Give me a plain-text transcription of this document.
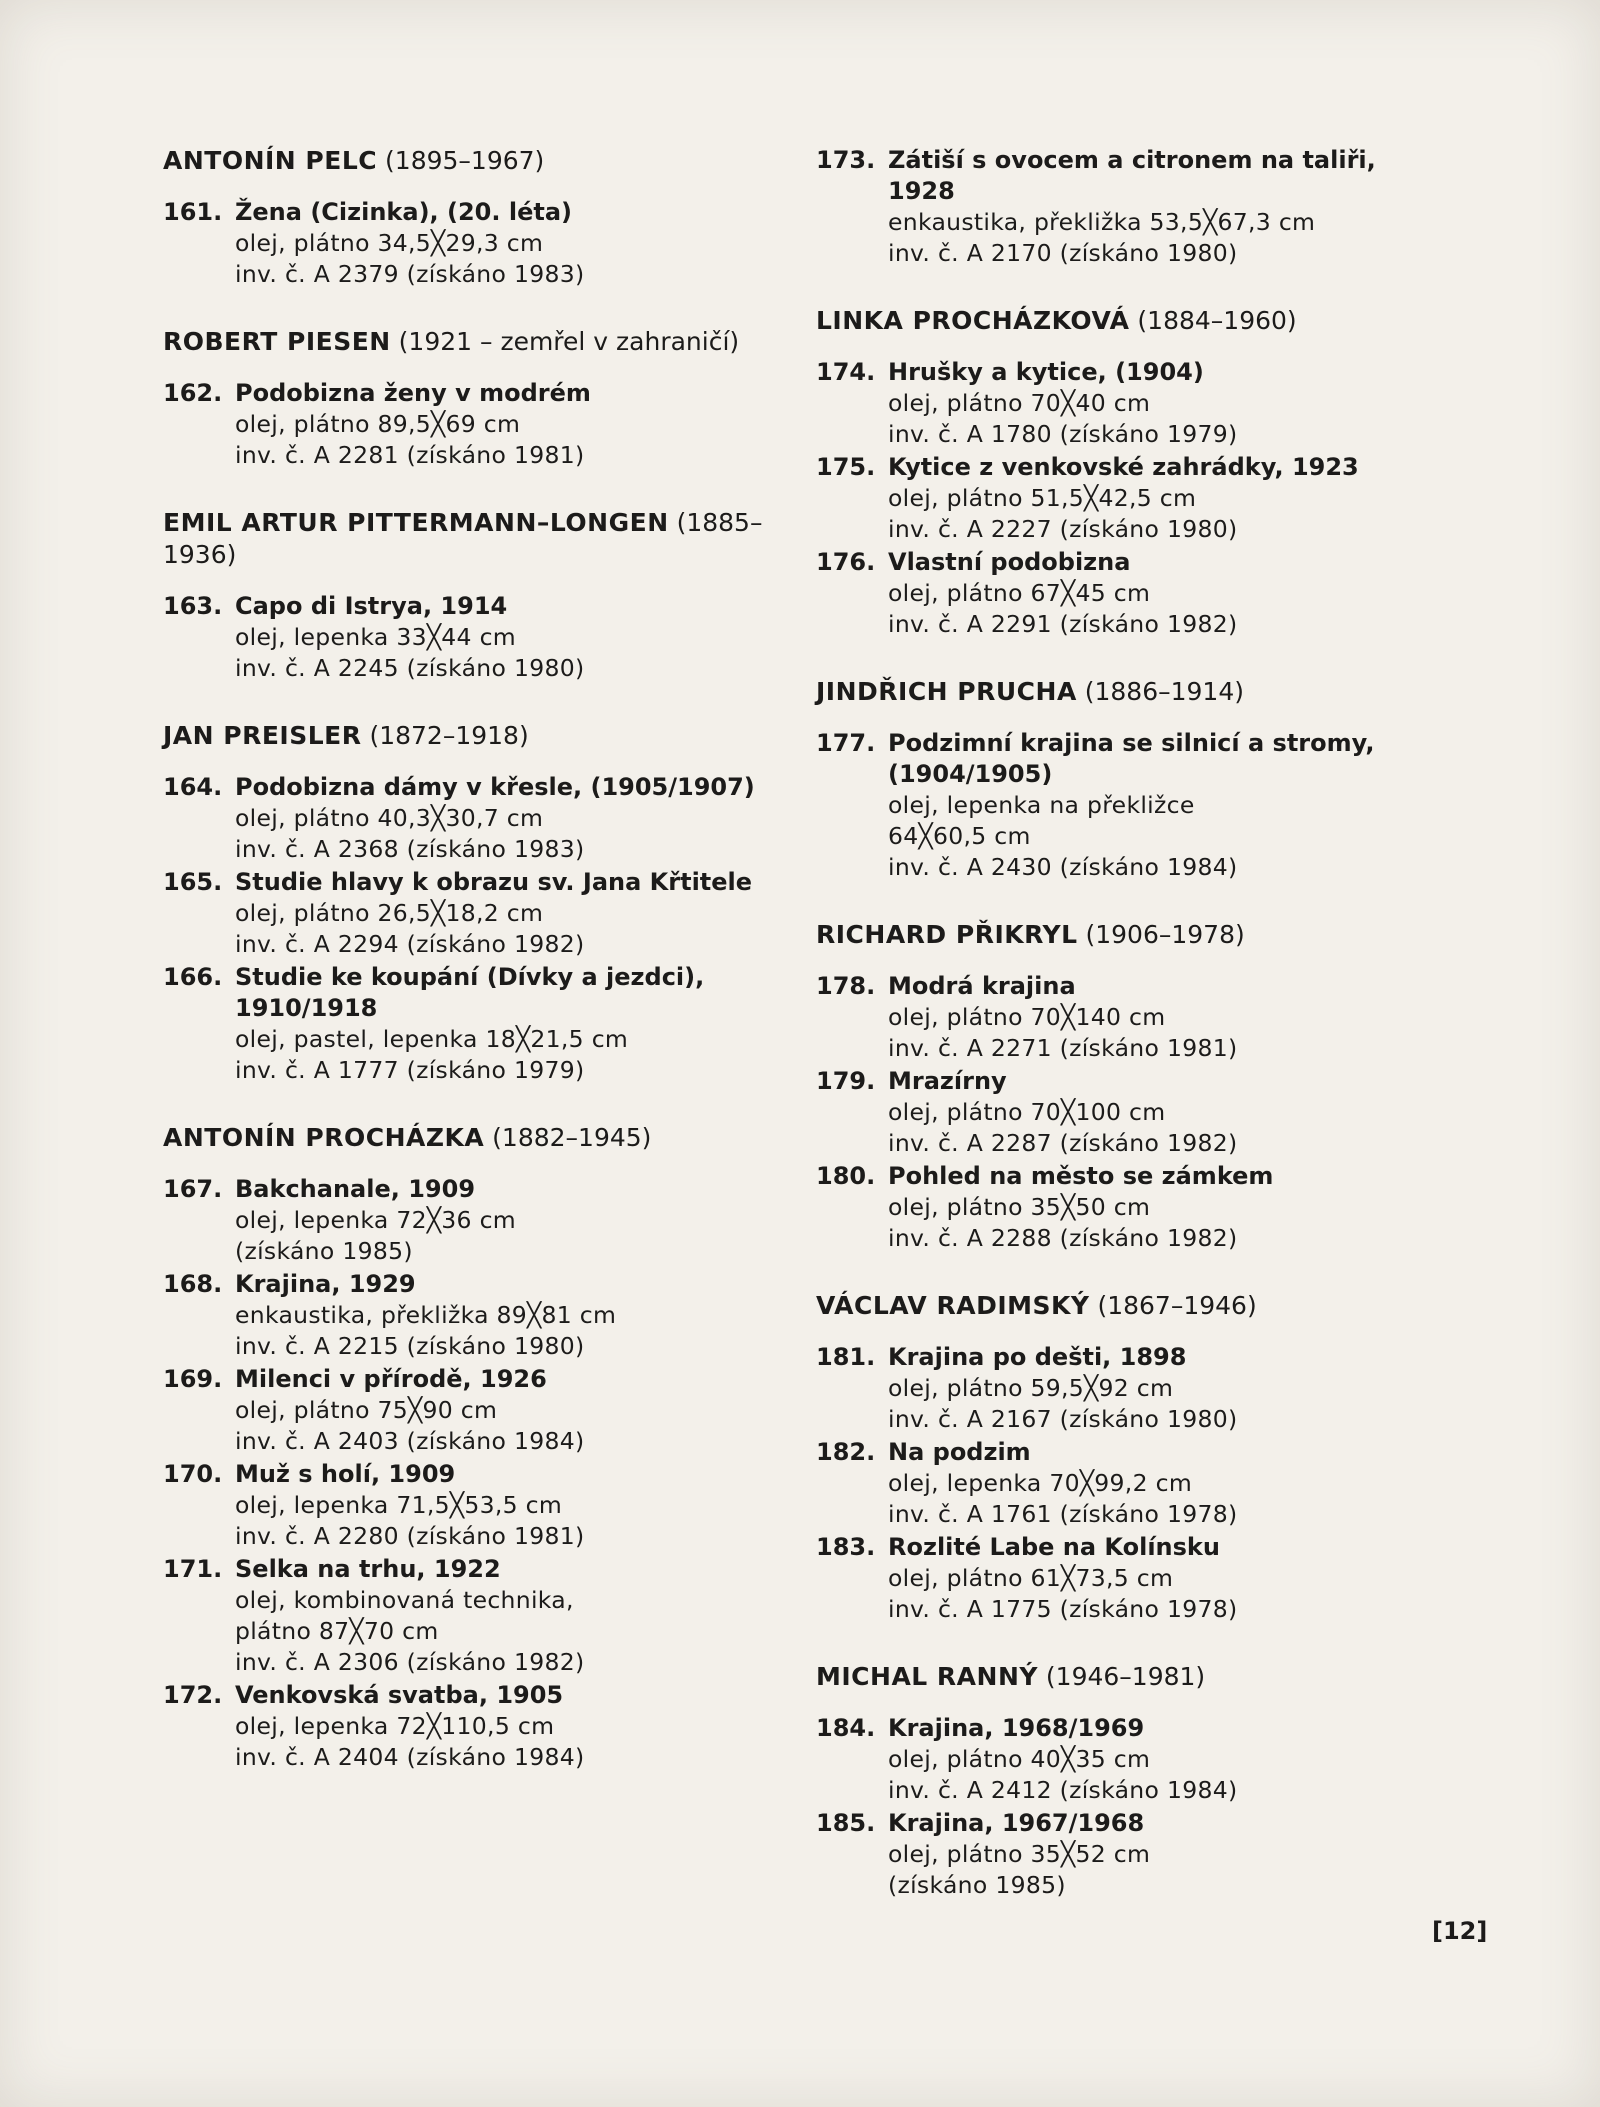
ANTONÍN PELC (1895–1967)
161. Žena (Cizinka), (20. léta)
olej, plátno 34,5╳29,3 cm
inv. č. A 2379 (získáno 1983)
ROBERT PIESEN (1921 – zemřel v zahraničí)
162. Podobizna ženy v modrém
olej, plátno 89,5╳69 cm
inv. č. A 2281 (získáno 1981)
EMIL ARTUR PITTERMANN–LONGEN (1885–1936)
163. Capo di Istrya, 1914
olej, lepenka 33╳44 cm
inv. č. A 2245 (získáno 1980)
JAN PREISLER (1872–1918)
164. Podobizna dámy v křesle, (1905/1907)
olej, plátno 40,3╳30,7 cm
inv. č. A 2368 (získáno 1983)
165. Studie hlavy k obrazu sv. Jana Křtitele
olej, plátno 26,5╳18,2 cm
inv. č. A 2294 (získáno 1982)
166. Studie ke koupání (Dívky a jezdci), 1910/1918
olej, pastel, lepenka 18╳21,5 cm
inv. č. A 1777 (získáno 1979)
ANTONÍN PROCHÁZKA (1882–1945)
167. Bakchanale, 1909
olej, lepenka 72╳36 cm
(získáno 1985)
168. Krajina, 1929
enkaustika, překližka 89╳81 cm
inv. č. A 2215 (získáno 1980)
169. Milenci v přírodě, 1926
olej, plátno 75╳90 cm
inv. č. A 2403 (získáno 1984)
170. Muž s holí, 1909
olej, lepenka 71,5╳53,5 cm
inv. č. A 2280 (získáno 1981)
171. Selka na trhu, 1922
olej, kombinovaná technika,
plátno 87╳70 cm
inv. č. A 2306 (získáno 1982)
172. Venkovská svatba, 1905
olej, lepenka 72╳110,5 cm
inv. č. A 2404 (získáno 1984)
173. Zátiší s ovocem a citronem na taliři, 1928
enkaustika, překližka 53,5╳67,3 cm
inv. č. A 2170 (získáno 1980)
LINKA PROCHÁZKOVÁ (1884–1960)
174. Hrušky a kytice, (1904)
olej, plátno 70╳40 cm
inv. č. A 1780 (získáno 1979)
175. Kytice z venkovské zahrádky, 1923
olej, plátno 51,5╳42,5 cm
inv. č. A 2227 (získáno 1980)
176. Vlastní podobizna
olej, plátno 67╳45 cm
inv. č. A 2291 (získáno 1982)
JINDŘICH PRUCHA (1886–1914)
177. Podzimní krajina se silnicí a stromy, (1904/1905)
olej, lepenka na překližce
64╳60,5 cm
inv. č. A 2430 (získáno 1984)
RICHARD PŘIKRYL (1906–1978)
178. Modrá krajina
olej, plátno 70╳140 cm
inv. č. A 2271 (získáno 1981)
179. Mrazírny
olej, plátno 70╳100 cm
inv. č. A 2287 (získáno 1982)
180. Pohled na město se zámkem
olej, plátno 35╳50 cm
inv. č. A 2288 (získáno 1982)
VÁCLAV RADIMSKÝ (1867–1946)
181. Krajina po dešti, 1898
olej, plátno 59,5╳92 cm
inv. č. A 2167 (získáno 1980)
182. Na podzim
olej, lepenka 70╳99,2 cm
inv. č. A 1761 (získáno 1978)
183. Rozlité Labe na Kolínsku
olej, plátno 61╳73,5 cm
inv. č. A 1775 (získáno 1978)
MICHAL RANNÝ (1946–1981)
184. Krajina, 1968/1969
olej, plátno 40╳35 cm
inv. č. A 2412 (získáno 1984)
185. Krajina, 1967/1968
olej, plátno 35╳52 cm
(získáno 1985)
[12]
